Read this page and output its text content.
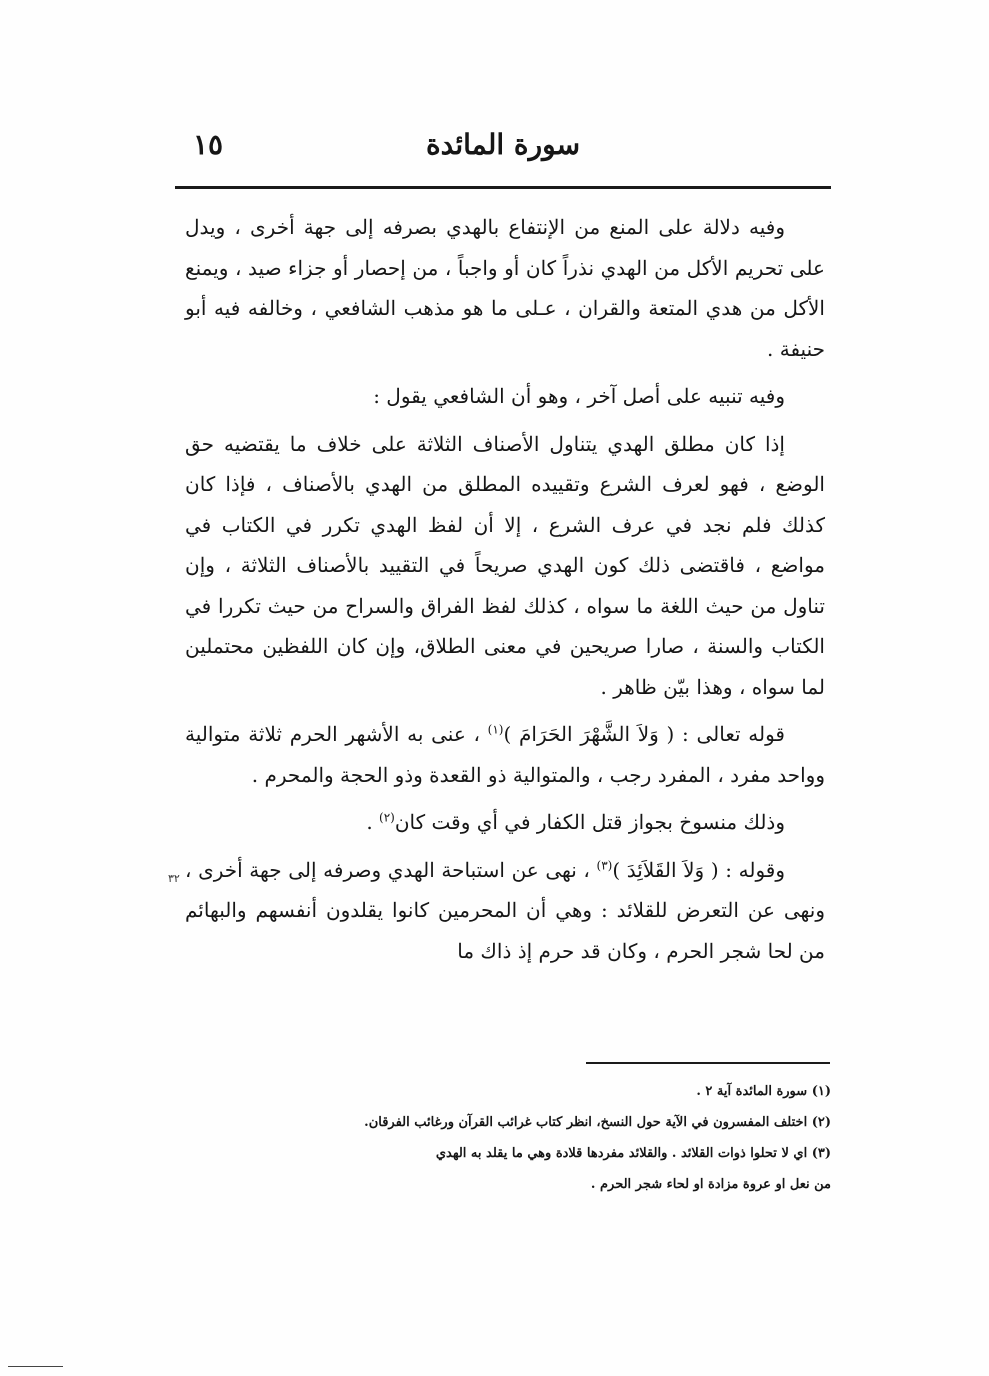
سورة المائدة
١٥

وفيه دلالة على المنع من الإنتفاع بالهدي بصرفه إلى جهة أخرى ، ويدل على تحريم الأكل من الهدي نذراً كان أو واجباً ، من إحصار أو جزاء صيد ، ويمنع الأكل من هدي المتعة والقران ، عـلى ما هو مذهب الشافعي ، وخالفه فيه أبو حنيفة .

وفيه تنبيه على أصل آخر ، وهو أن الشافعي يقول :

إذا كان مطلق الهدي يتناول الأصناف الثلاثة على خلاف ما يقتضيه حق الوضع ، فهو لعرف الشرع وتقييده المطلق من الهدي بالأصناف ، فإذا كان كذلك فلم نجد في عرف الشرع ، إلا أن لفظ الهدي تكرر في الكتاب في مواضع ، فاقتضى ذلك كون الهدي صريحاً في التقييد بالأصناف الثلاثة ، وإن تناول من حيث اللغة ما سواه ، كذلك لفظ الفراق والسراح من حيث تكررا في الكتاب والسنة ، صارا صريحين في معنى الطلاق، وإن كان اللفظين محتملين لما سواه ، وهذا بيّن ظاهر .

قوله تعالى : ( وَلاَ الشَّهْرَ الحَرَامَ )$^{(١)}$ ، عنى به الأشهر الحرم ثلاثة متوالية وواحد مفرد ، المفرد رجب ، والمتوالية ذو القعدة وذو الحجة والمحرم .

وذلك منسوخ بجواز قتل الكفار في أي وقت كان$^{(٢)}$ .

وقوله : ( وَلاَ القَلاَئِدَ )$^{(٣)}$ ، نهى عن استباحة الهدي وصرفه إلى جهة أخرى ، ونهى عن التعرض للقلائد : وهي أن المحرمين كانوا يقلدون أنفسهم والبهائم من لحا شجر الحرم ، وكان قد حرم إذ ذاك ما

٣٢
(١) سورة المائدة آية ٢ .
(٢) اختلف المفسرون في الآية حول النسخ، انظر كتاب غرائب القرآن ورغائب الفرقان.
(٣) اي لا تحلوا ذوات القلائد . والقلائد مفردها قلادة وهي ما يقلد به الهدي
من نعل او عروة مزادة او لحاء شجر الحرم .
